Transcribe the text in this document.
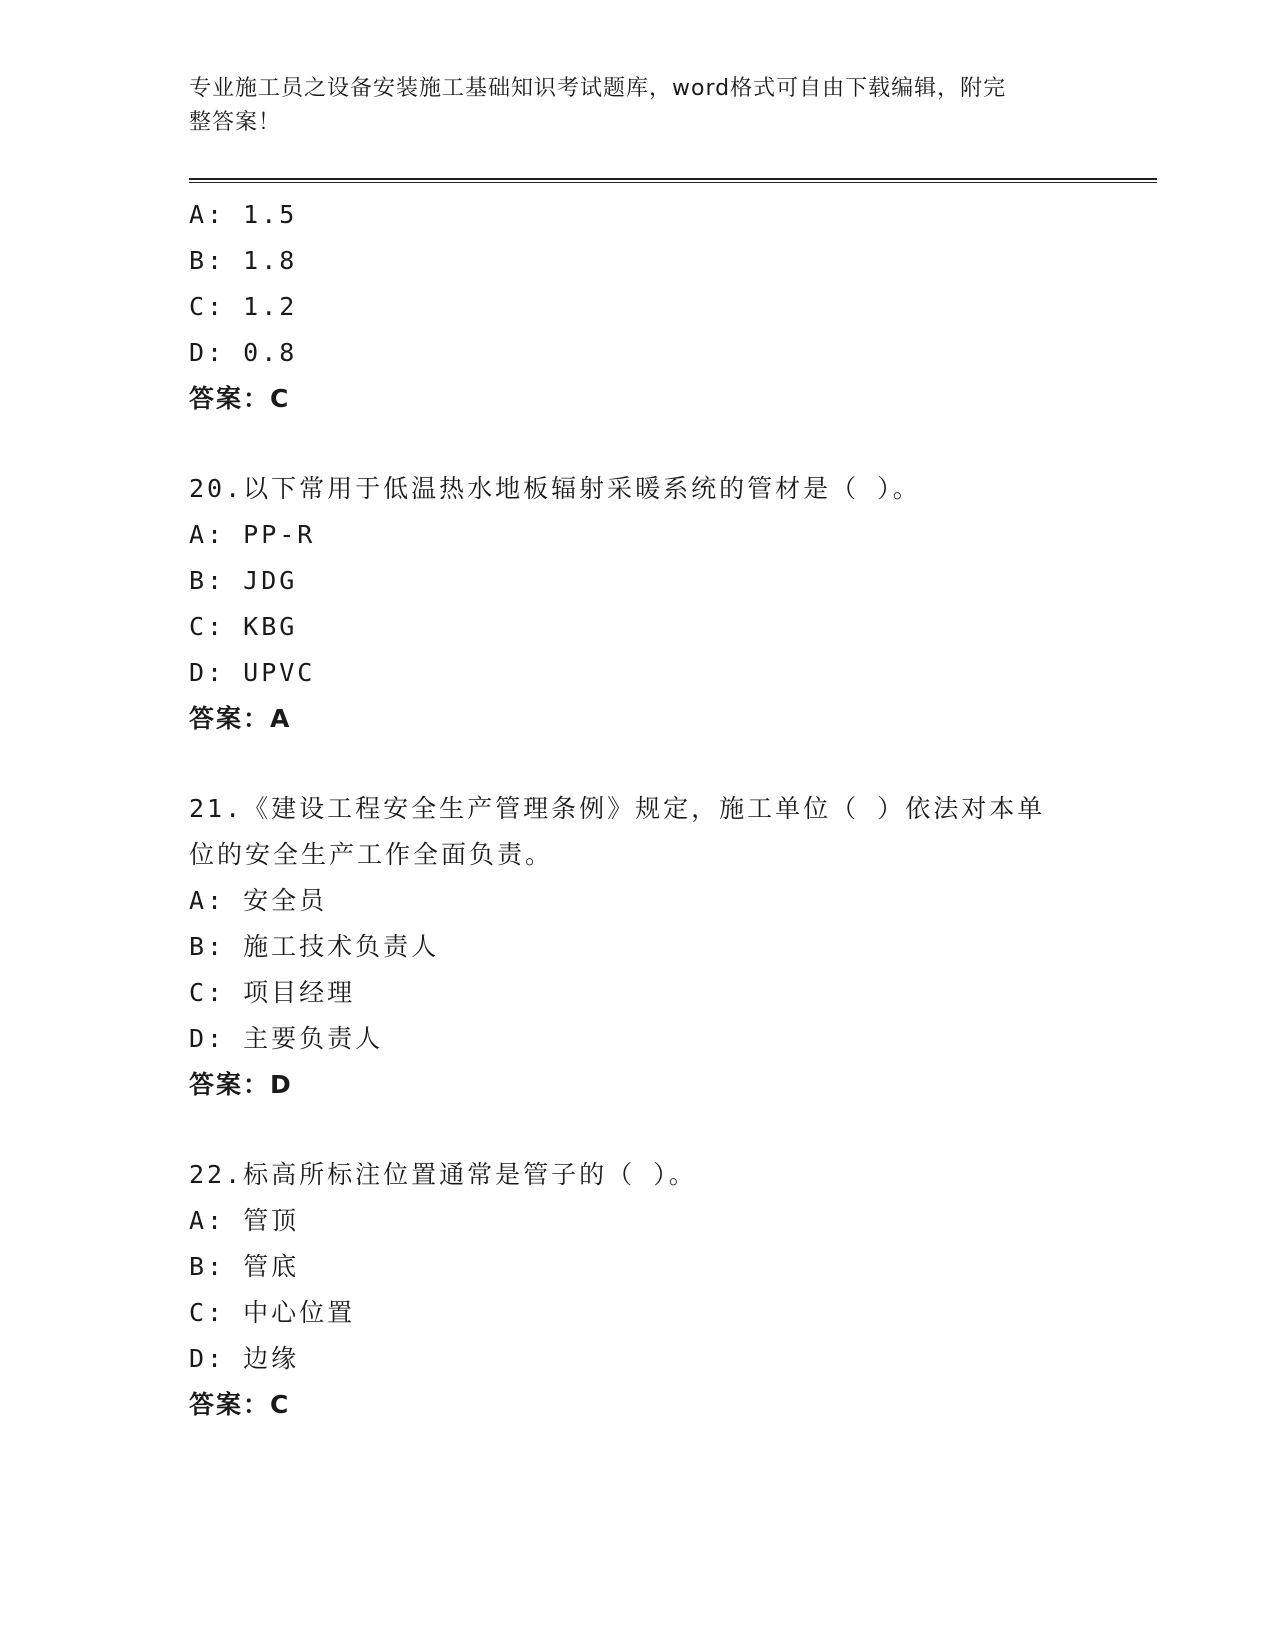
专业施工员之设备安装施工基础知识考试题库，word格式可自由下载编辑，附完
整答案！
A: 1.5
B: 1.8
C: 1.2
D: 0.8
答案：C
20.以下常用于低温热水地板辐射采暖系统的管材是（ ）。
A: PP-R
B: JDG
C: KBG
D: UPVC
答案：A
21.《建设工程安全生产管理条例》规定，施工单位（ ）依法对本单
位的安全生产工作全面负责。
A: 安全员
B: 施工技术负责人
C: 项目经理
D: 主要负责人
答案：D
22.标高所标注位置通常是管子的（ ）。
A: 管顶
B: 管底
C: 中心位置
D: 边缘
答案：C
